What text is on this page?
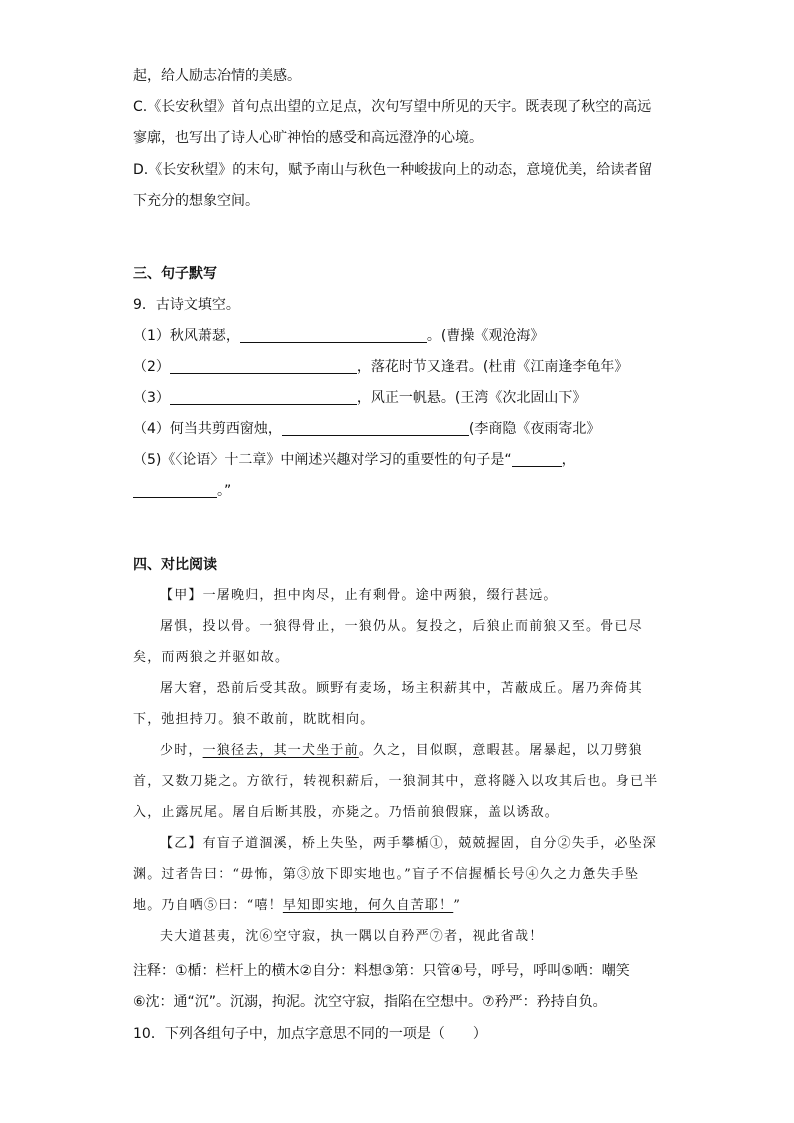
起，给人励志冶情的美感。
C.《长安秋望》首句点出望的立足点，次句写望中所见的天宇。既表现了秋空的高远
寥廓，也写出了诗人心旷神怡的感受和高远澄净的心境。
D.《长安秋望》的末句，赋予南山与秋色一种峻拔向上的动态，意境优美，给读者留
下充分的想象空间。
三、句子默写
9．古诗文填空。
（1）秋风萧瑟，	。(曹操《观沧海》
（2）	，落花时节又逢君。(杜甫《江南逢李龟年》
（3）	，风正一帆悬。(王湾《次北固山下》
（4）何当共剪西窗烛，	(李商隐《夜雨寄北》
（5)《〈论语〉十二章》中阐述兴趣对学习的重要性的句子是“	，
。”
四、对比阅读
【甲】一屠晚归，担中肉尽，止有剩骨。途中两狼，缀行甚远。
屠惧，投以骨。一狼得骨止，一狼仍从。复投之，后狼止而前狼又至。骨已尽
矣，而两狼之并驱如故。
屠大窘，恐前后受其敌。顾野有麦场，场主积薪其中，苫蔽成丘。屠乃奔倚其
下，弛担持刀。狼不敢前，眈眈相向。
少时，一狼径去，其一犬坐于前。久之，目似瞑，意暇甚。屠暴起，以刀劈狼
首，又数刀毙之。方欲行，转视积薪后，一狼洞其中，意将隧入以攻其后也。身已半
入，止露尻尾。屠自后断其股，亦毙之。乃悟前狼假寐，盖以诱敌。
【乙】有盲子道涸溪，桥上失坠，两手攀楯①，兢兢握固，自分②失手，必坠深
渊。过者告曰：“毋怖，第③放下即实地也。”盲子不信握楯长号④久之力惫失手坠
地。乃自哂⑤曰：“嘻！早知即实地，何久自苦耶！”
夫大道甚夷，沈⑥空守寂，执一隅以自矜严⑦者，视此省哉！
注释：①楯：栏杆上的横木②自分：料想③第：只管④号，呼号，呼叫⑤哂：嘲笑
⑥沈：通“沉”。沉溺，拘泥。沈空守寂，指陷在空想中。⑦矜严：矜持自负。
10．下列各组句子中，加点字意思不同的一项是（　　）
